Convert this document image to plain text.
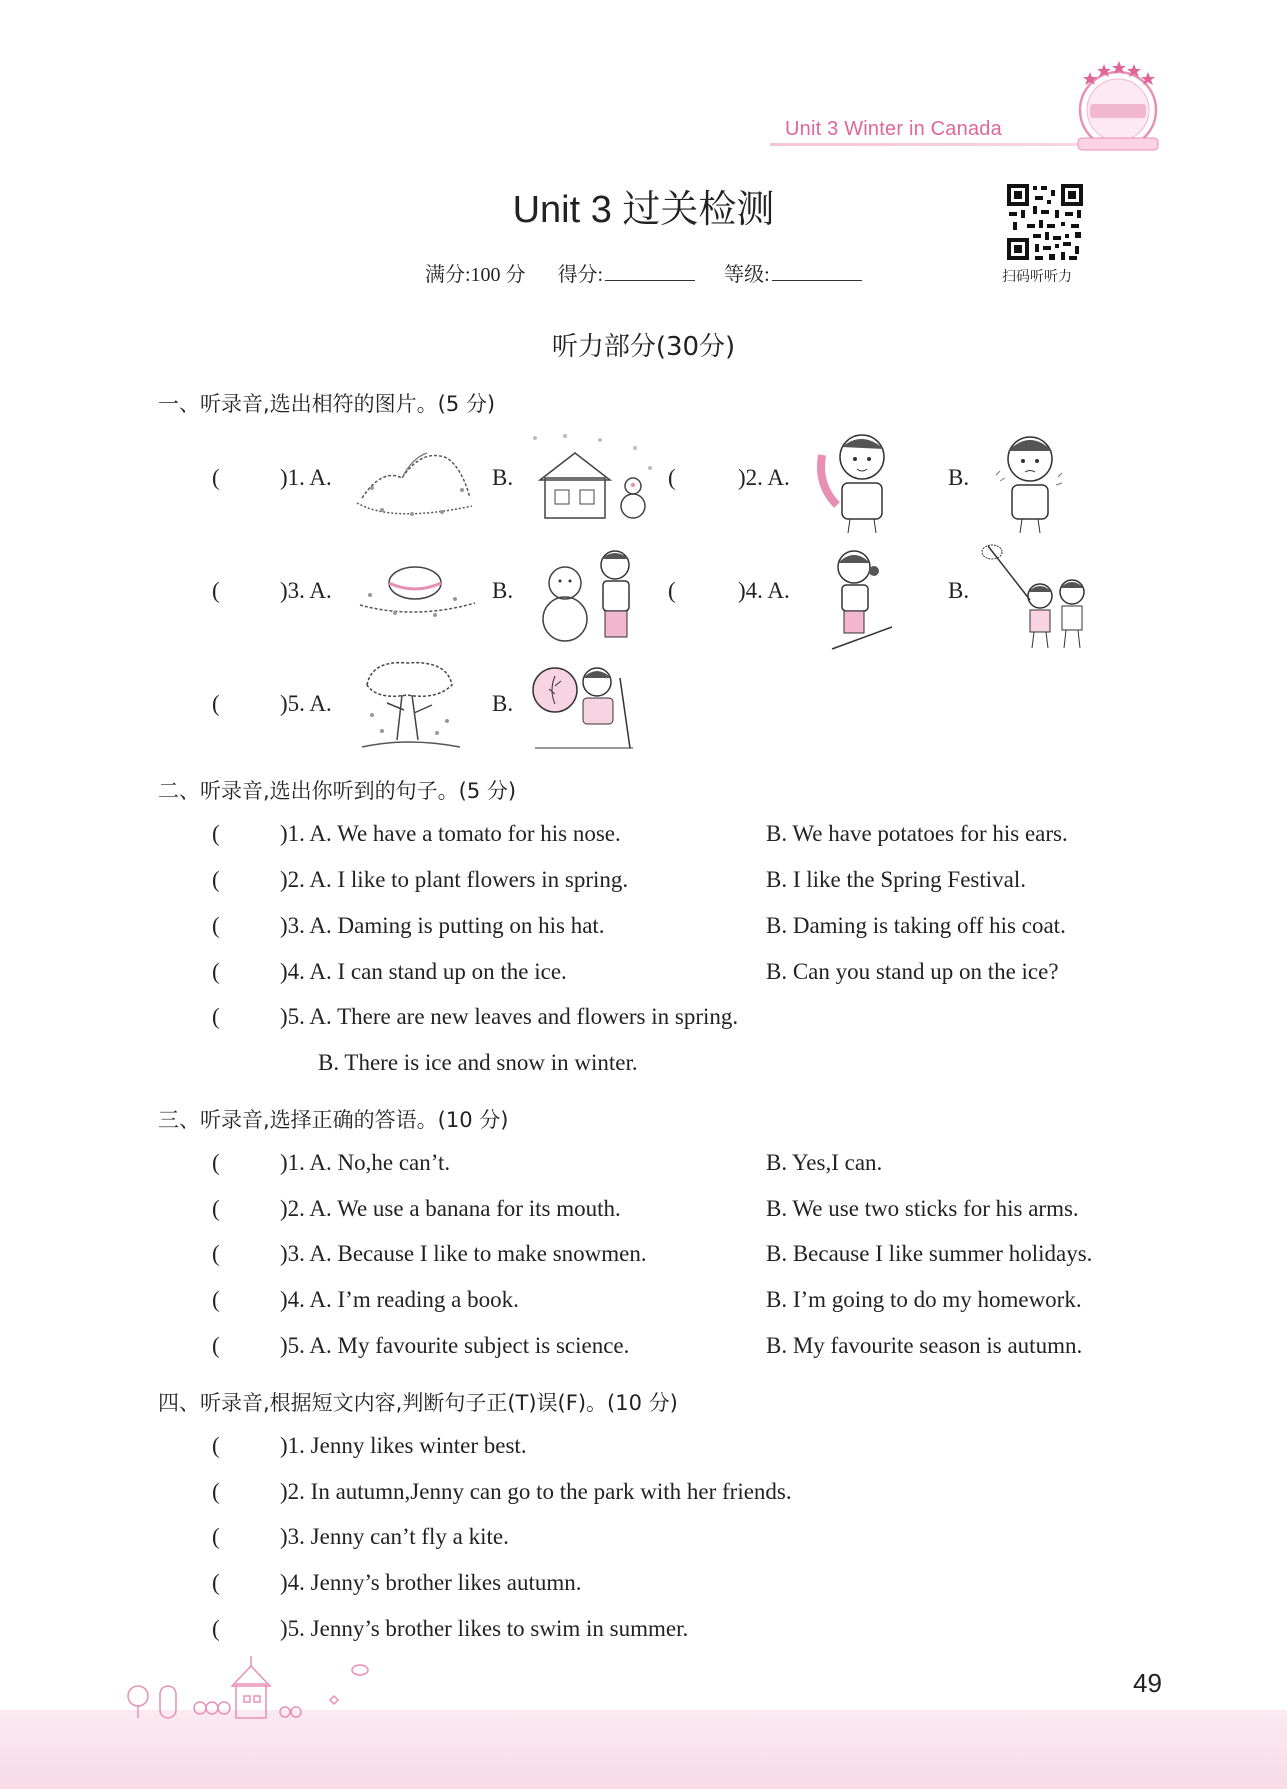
Unit 3 Winter in Canada
Unit 3 过关检测
满分:100 分 得分:	等级:	扫码听听力
听力部分(30分)
一、听录音,选出相符的图片。(5 分)
(	)1. A.	B.	(	)2. A.	B.
(	)3. A.	B.	(	)4. A.	B.
(	)5. A.	B.
二、听录音,选出你听到的句子。(5 分)
(	)1. A. We have a tomato for his nose.	B. We have potatoes for his ears.
(	)2. A. I like to plant flowers in spring.	B. I like the Spring Festival.
(	)3. A. Daming is putting on his hat.	B. Daming is taking off his coat.
(	)4. A. I can stand up on the ice.	B. Can you stand up on the ice?
(	)5. A. There are new leaves and flowers in spring.
B. There is ice and snow in winter.
三、听录音,选择正确的答语。(10 分)
(	)1. A. No,he can’t.	B. Yes,I can.
(	)2. A. We use a banana for its mouth.	B. We use two sticks for his arms.
(	)3. A. Because I like to make snowmen.	B. Because I like summer holidays.
(	)4. A. I’m reading a book.	B. I’m going to do my homework.
(	)5. A. My favourite subject is science.	B. My favourite season is autumn.
四、听录音,根据短文内容,判断句子正(T)误(F)。(10 分)
(	)1. Jenny likes winter best.
(	)2. In autumn,Jenny can go to the park with her friends.
(	)3. Jenny can’t fly a kite.
(	)4. Jenny’s brother likes autumn.
(	)5. Jenny’s brother likes to swim in summer.
49
